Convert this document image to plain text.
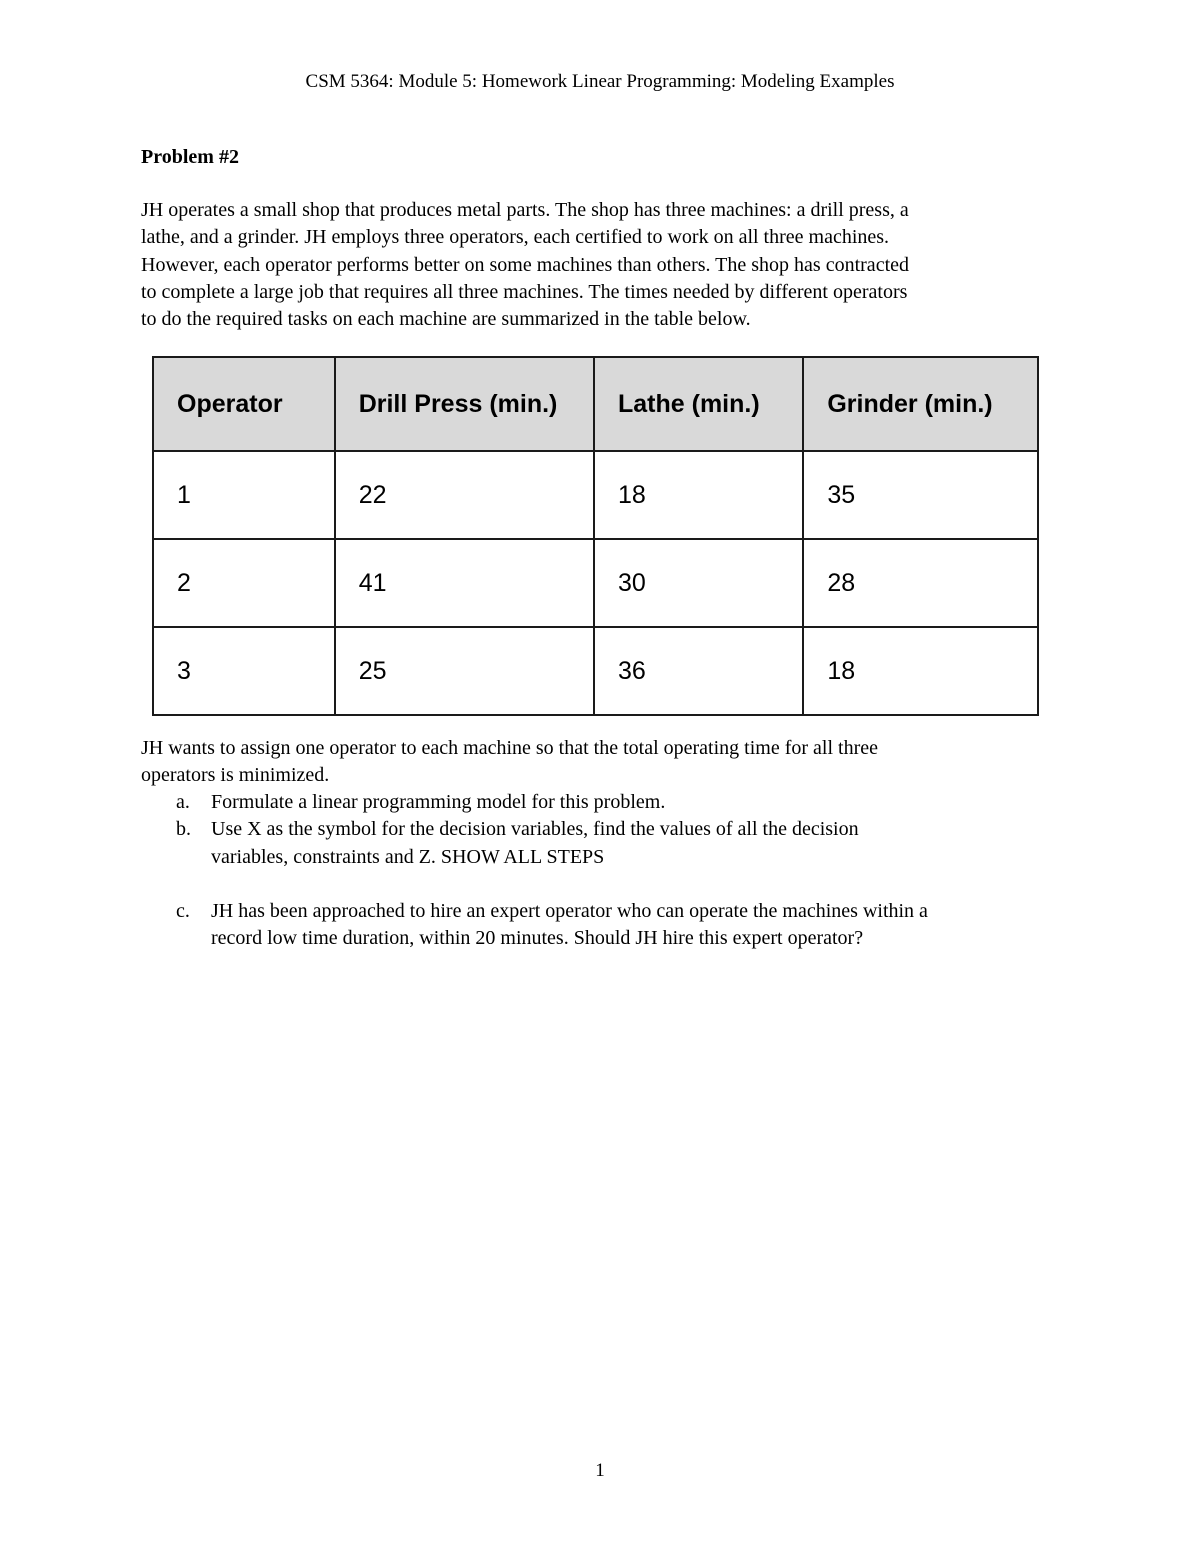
CSM 5364: Module 5: Homework Linear Programming: Modeling Examples
Problem #2

JH operates a small shop that produces metal parts. The shop has three machines: a drill press, a
lathe, and a grinder. JH employs three operators, each certified to work on all three machines.
However, each operator performs better on some machines than others. The shop has contracted
to complete a large job that requires all three machines. The times needed by different operators
to do the required tasks on each machine are summarized in the table below.

Operator	Drill Press (min.)	Lathe (min.)	Grinder (min.)
1	22	18	35
2	41	30	28
3	25	36	18
JH wants to assign one operator to each machine so that the total operating time for all three
operators is minimized.
a. Formulate a linear programming model for this problem.
b. Use X as the symbol for the decision variables, find the values of all the decision
variables, constraints and Z. SHOW ALL STEPS
c. JH has been approached to hire an expert operator who can operate the machines within a
record low time duration, within 20 minutes. Should JH hire this expert operator?
1
